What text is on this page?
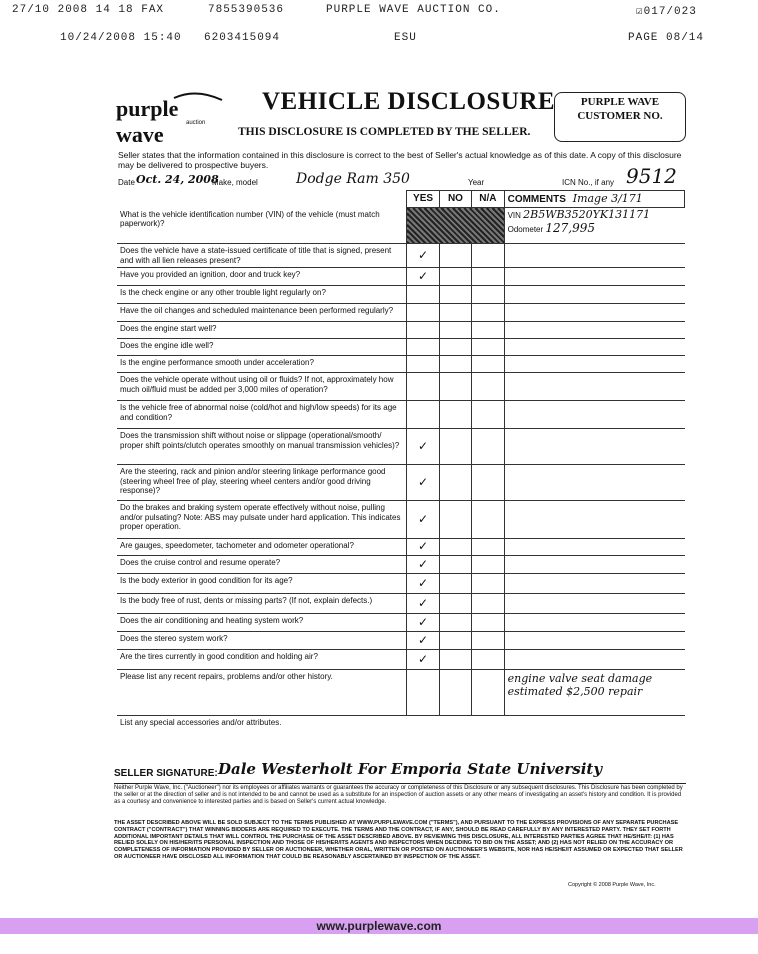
27/10 2008 14 18 FAX	7855390536	PURPLE WAVE AUCTION CO.	☑017/023
10/24/2008 15:40 6203415094	ESU	PAGE 08/14
purple wave	auction
VEHICLE DISCLOSURE
THIS DISCLOSURE IS COMPLETED BY THE SELLER.
PURPLE WAVE CUSTOMER NO.
Seller states that the information contained in this disclosure is correct to the best of Seller's actual knowledge as of this date. A copy of this disclosure may be delivered to prospective buyers.
Date Oct. 24, 2008
Make, model	Dodge Ram 350	Year	ICN No., if any 9512
	YES	NO	N/A	COMMENTS Image 3/171
What is the vehicle identification number (VIN) of the vehicle (must match paperwork)?				VIN 2B5WB3520YK131171
Odometer 127,995

Does the vehicle have a state-issued certificate of title that is signed, present and with all lien releases present?	✓			
Have you provided an ignition, door and truck key?	✓			
Is the check engine or any other trouble light regularly on?				
Have the oil changes and scheduled maintenance been performed regularly?				
Does the engine start well?				
Does the engine idle well?				
Is the engine performance smooth under acceleration?				
Does the vehicle operate without using oil or fluids? If not, approximately how much oil/fluid must be added per 3,000 miles of operation?				
Is the vehicle free of abnormal noise (cold/hot and high/low speeds) for its age and condition?				
Does the transmission shift without noise or slippage (operational/smooth/ proper shift points/clutch operates smoothly on manual transmission vehicles)?	✓			
Are the steering, rack and pinion and/or steering linkage performance good (steering wheel free of play, steering wheel centers and/or good driving response)?	✓			
Do the brakes and braking system operate effectively without noise, pulling and/or pulsating? Note: ABS may pulsate under hard application. This indicates proper operation.	✓			
Are gauges, speedometer, tachometer and odometer operational?	✓			
Does the cruise control and resume operate?	✓			
Is the body exterior in good condition for its age?	✓			
Is the body free of rust, dents or missing parts? (If not, explain defects.)	✓			
Does the air conditioning and heating system work?	✓			
Does the stereo system work?	✓			
Are the tires currently in good condition and holding air?	✓			
Please list any recent repairs, problems and/or other history.				engine valve seat damage estimated $2,500 repair
List any special accessories and/or attributes.				
SELLER SIGNATURE: Dale Westerholt For Emporia State University
Neither Purple Wave, Inc. ("Auctioneer") nor its employees or affiliates warrants or guarantees the accuracy or completeness of this Disclosure or any subsequent disclosures. This Disclosure has been completed by the seller or at the direction of seller and is not intended to be and cannot be used as a substitute for an inspection of auction assets or any other means of investigating an asset's history and condition. It is provided as a courtesy and convenience to interested parties and is based on Seller's current actual knowledge.
THE ASSET DESCRIBED ABOVE WILL BE SOLD SUBJECT TO THE TERMS PUBLISHED AT WWW.PURPLEWAVE.COM ("TERMS"), AND PURSUANT TO THE EXPRESS PROVISIONS OF ANY SEPARATE PURCHASE CONTRACT ("CONTRACT") THAT WINNING BIDDERS ARE REQUIRED TO EXECUTE. THE TERMS AND THE CONTRACT, IF ANY, SHOULD BE READ CAREFULLY BY ANY INTERESTED PARTY. THEY SET FORTH ADDITIONAL IMPORTANT DETAILS THAT WILL CONTROL THE PURCHASE OF THE ASSET DESCRIBED ABOVE. BY REVIEWING THIS DISCLOSURE, ALL INTERESTED PARTIES AGREE THAT HE/SHE/IT: (1) HAS RELIED SOLELY ON HIS/HER/ITS PERSONAL INSPECTION AND THOSE OF HIS/HER/ITS AGENTS AND INSPECTORS WHEN DECIDING TO BID ON THE ASSET; AND (2) HAS NOT RELIED ON THE ACCURACY OR COMPLETENESS OF INFORMATION PROVIDED BY SELLER OR AUCTIONEER, WHETHER ORAL, WRITTEN OR POSTED ON AUCTIONEER'S WEBSITE, NOR HAS HE/SHE/IT ASSUMED OR EXPECTED THAT SELLER OR AUCTIONEER HAVE DISCLOSED ALL INFORMATION THAT COULD BE REASONABLY ASCERTAINED BY INSPECTION OF THE ASSET.
Copyright © 2008 Purple Wave, Inc.
www.purplewave.com
